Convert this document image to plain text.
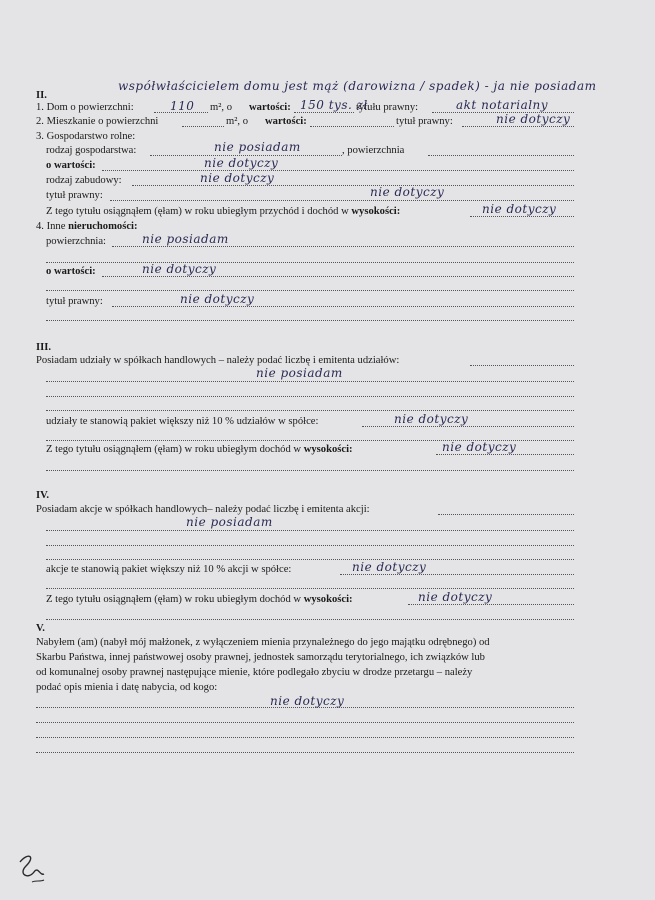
II.
współwłaścicielem domu jest mąż (darowizna / spadek) - ja nie posiadam
1. Dom o powierzchni:	110 m², o wartości: 150 tys. zł
tytułu prawny:	akt notarialny
2. Mieszkanie o powierzchni	m², o wartości:	tytuł prawny:	nie dotyczy
3. Gospodarstwo rolne:
rodzaj gospodarstwa:	nie posiadam	, powierzchnia
o wartości:	nie dotyczy
rodzaj zabudowy:	nie dotyczy
tytuł prawny:	nie dotyczy
Z tego tytułu osiągnąłem (ęłam) w roku ubiegłym przychód i dochód w wysokości:	nie dotyczy
4. Inne nieruchomości:
powierzchnia:	nie posiadam
o wartości:	nie dotyczy
tytuł prawny:	nie dotyczy
III.
Posiadam udziały w spółkach handlowych – należy podać liczbę i emitenta udziałów:
nie posiadam
udziały te stanowią pakiet większy niż 10 % udziałów w spółce:	nie dotyczy
Z tego tytułu osiągnąłem (ęłam) w roku ubiegłym dochód w wysokości:	nie dotyczy
IV.
Posiadam akcje w spółkach handlowych– należy podać liczbę i emitenta akcji:
nie posiadam
akcje te stanowią pakiet większy niż 10 % akcji w spółce:	nie dotyczy
Z tego tytułu osiągnąłem (ęłam) w roku ubiegłym dochód w wysokości:	nie dotyczy
V.
Nabyłem (am) (nabył mój małżonek, z wyłączeniem mienia przynależnego do jego majątku odrębnego) od
Skarbu Państwa, innej państwowej osoby prawnej, jednostek samorządu terytorialnego, ich związków lub
od komunalnej osoby prawnej następujące mienie, które podlegało zbyciu w drodze przetargu – należy
podać opis mienia i datę nabycia, od kogo:
nie dotyczy
